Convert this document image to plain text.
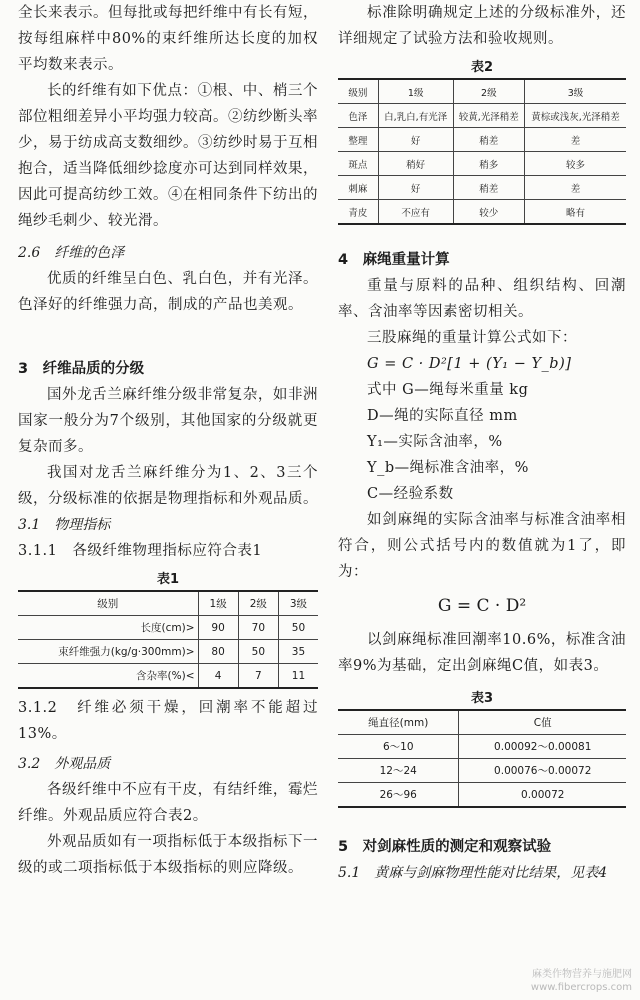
全长来表示。但每批或每把纤维中有长有短，按每组麻样中80%的束纤维所达长度的加权平均数来表示。

长的纤维有如下优点：①根、中、梢三个部位粗细差异小平均强力较高。②纺纱断头率少，易于纺成高支数细纱。③纺纱时易于互相抱合，适当降低细纱捻度亦可达到同样效果，因此可提高纺纱工效。④在相同条件下纺出的绳纱毛刺少、较光滑。

2.6　纤维的色泽

优质的纤维呈白色、乳白色，并有光泽。色泽好的纤维强力高，制成的产品也美观。

3　纤维品质的分级

国外龙舌兰麻纤维分级非常复杂，如非洲国家一般分为7个级别，其他国家的分级就更复杂而多。

我国对龙舌兰麻纤维分为1、2、3三个级，分级标准的依据是物理指标和外观品质。

3.1　物理指标

3.1.1　各级纤维物理指标应符合表1

表1
级别	1级	2级	3级
长度(cm)>	90	70	50
束纤维强力(kg/g·300mm)>	80	50	35
含杂率(%)<	4	7	11

3.1.2　纤维必须干燥，回潮率不能超过13%。

3.2　外观品质

各级纤维中不应有干皮，有结纤维，霉烂纤维。外观品质应符合表2。

外观品质如有一项指标低于本级指标下一级的或二项指标低于本级指标的则应降级。

标准除明确规定上述的分级标准外，还详细规定了试验方法和验收规则。

表2
级别	1级	2级	3级
色泽	白,乳白,有光泽	较黄,光泽稍差	黄棕或浅灰,光泽稍差
整理	好	稍差	差
斑点	稍好	稍多	较多
刺麻	好	稍差	差
青皮	不应有	较少	略有

4　麻绳重量计算

重量与原料的品种、组织结构、回潮率、含油率等因素密切相关。

三股麻绳的重量计算公式如下：

G = C · D²[1 + (Y₁ − Y_b)]

式中 G—绳每米重量 kg

D—绳的实际直径 mm

Y₁—实际含油率，%

Y_b—绳标准含油率，%

C—经验系数

如剑麻绳的实际含油率与标准含油率相符合，则公式括号内的数值就为1了，即为：

G = C · D²

以剑麻绳标准回潮率10.6%，标准含油率9%为基础，定出剑麻绳C值，如表3。

表3
绳直径(mm)	C值
6～10	0.00092～0.00081
12～24	0.00076～0.00072
26～96	0.00072

5　对剑麻性质的测定和观察试验

5.1　黄麻与剑麻物理性能对比结果，见表4

麻类作物营养与施肥网
www.fibercrops.com
